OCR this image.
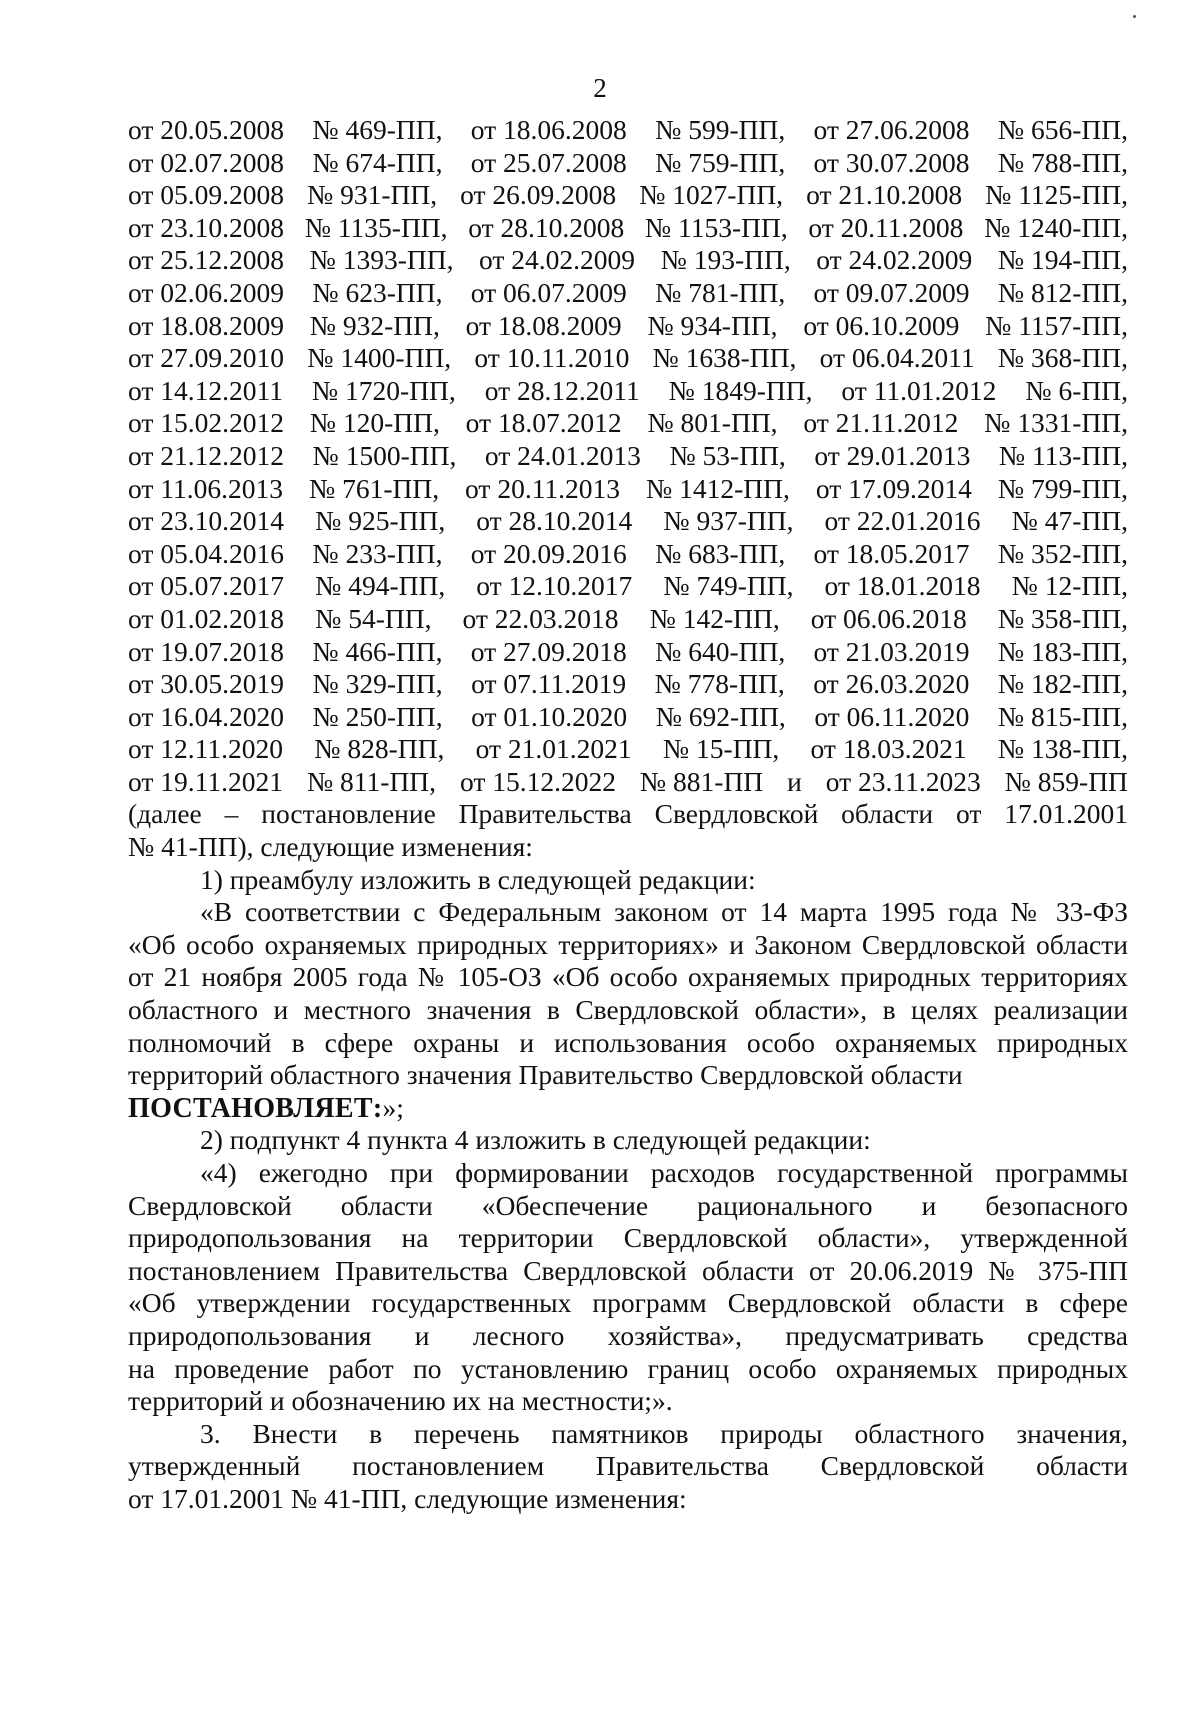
2
от 20.05.2008 № 469-ПП, от 18.06.2008 № 599-ПП, от 27.06.2008 № 656-ПП,
от 02.07.2008 № 674-ПП, от 25.07.2008 № 759-ПП, от 30.07.2008 № 788-ПП,
от 05.09.2008 № 931-ПП, от 26.09.2008 № 1027-ПП, от 21.10.2008 № 1125-ПП,
от 23.10.2008 № 1135-ПП, от 28.10.2008 № 1153-ПП, от 20.11.2008 № 1240-ПП,
от 25.12.2008 № 1393-ПП, от 24.02.2009 № 193-ПП, от 24.02.2009 № 194-ПП,
от 02.06.2009 № 623-ПП, от 06.07.2009 № 781-ПП, от 09.07.2009 № 812-ПП,
от 18.08.2009 № 932-ПП, от 18.08.2009 № 934-ПП, от 06.10.2009 № 1157-ПП,
от 27.09.2010 № 1400-ПП, от 10.11.2010 № 1638-ПП, от 06.04.2011 № 368-ПП,
от 14.12.2011 № 1720-ПП, от 28.12.2011 № 1849-ПП, от 11.01.2012 № 6-ПП,
от 15.02.2012 № 120-ПП, от 18.07.2012 № 801-ПП, от 21.11.2012 № 1331-ПП,
от 21.12.2012 № 1500-ПП, от 24.01.2013 № 53-ПП, от 29.01.2013 № 113-ПП,
от 11.06.2013 № 761-ПП, от 20.11.2013 № 1412-ПП, от 17.09.2014 № 799-ПП,
от 23.10.2014 № 925-ПП, от 28.10.2014 № 937-ПП, от 22.01.2016 № 47-ПП,
от 05.04.2016 № 233-ПП, от 20.09.2016 № 683-ПП, от 18.05.2017 № 352-ПП,
от 05.07.2017 № 494-ПП, от 12.10.2017 № 749-ПП, от 18.01.2018 № 12-ПП,
от 01.02.2018 № 54-ПП, от 22.03.2018 № 142-ПП, от 06.06.2018 № 358-ПП,
от 19.07.2018 № 466-ПП, от 27.09.2018 № 640-ПП, от 21.03.2019 № 183-ПП,
от 30.05.2019 № 329-ПП, от 07.11.2019 № 778-ПП, от 26.03.2020 № 182-ПП,
от 16.04.2020 № 250-ПП, от 01.10.2020 № 692-ПП, от 06.11.2020 № 815-ПП,
от 12.11.2020 № 828-ПП, от 21.01.2021 № 15-ПП, от 18.03.2021 № 138-ПП,
от 19.11.2021 № 811-ПП, от 15.12.2022 № 881-ПП и от 23.11.2023 № 859-ПП
(далее – постановление Правительства Свердловской области от 17.01.2001
№ 41-ПП), следующие изменения:
1) преамбулу изложить в следующей редакции:
«В соответствии с Федеральным законом от 14 марта 1995 года № 33-ФЗ
«Об особо охраняемых природных территориях» и Законом Свердловской области
от 21 ноября 2005 года № 105-ОЗ «Об особо охраняемых природных территориях
областного и местного значения в Свердловской области», в целях реализации
полномочий в сфере охраны и использования особо охраняемых природных
территорий областного значения Правительство Свердловской области
ПОСТАНОВЛЯЕТ:»;
2) подпункт 4 пункта 4 изложить в следующей редакции:
«4) ежегодно при формировании расходов государственной программы
Свердловской области «Обеспечение рационального и безопасного
природопользования на территории Свердловской области», утвержденной
постановлением Правительства Свердловской области от 20.06.2019 № 375-ПП
«Об утверждении государственных программ Свердловской области в сфере
природопользования и лесного хозяйства», предусматривать средства
на проведение работ по установлению границ особо охраняемых природных
территорий и обозначению их на местности;».
3. Внести в перечень памятников природы областного значения,
утвержденный постановлением Правительства Свердловской области
от 17.01.2001 № 41-ПП, следующие изменения:
